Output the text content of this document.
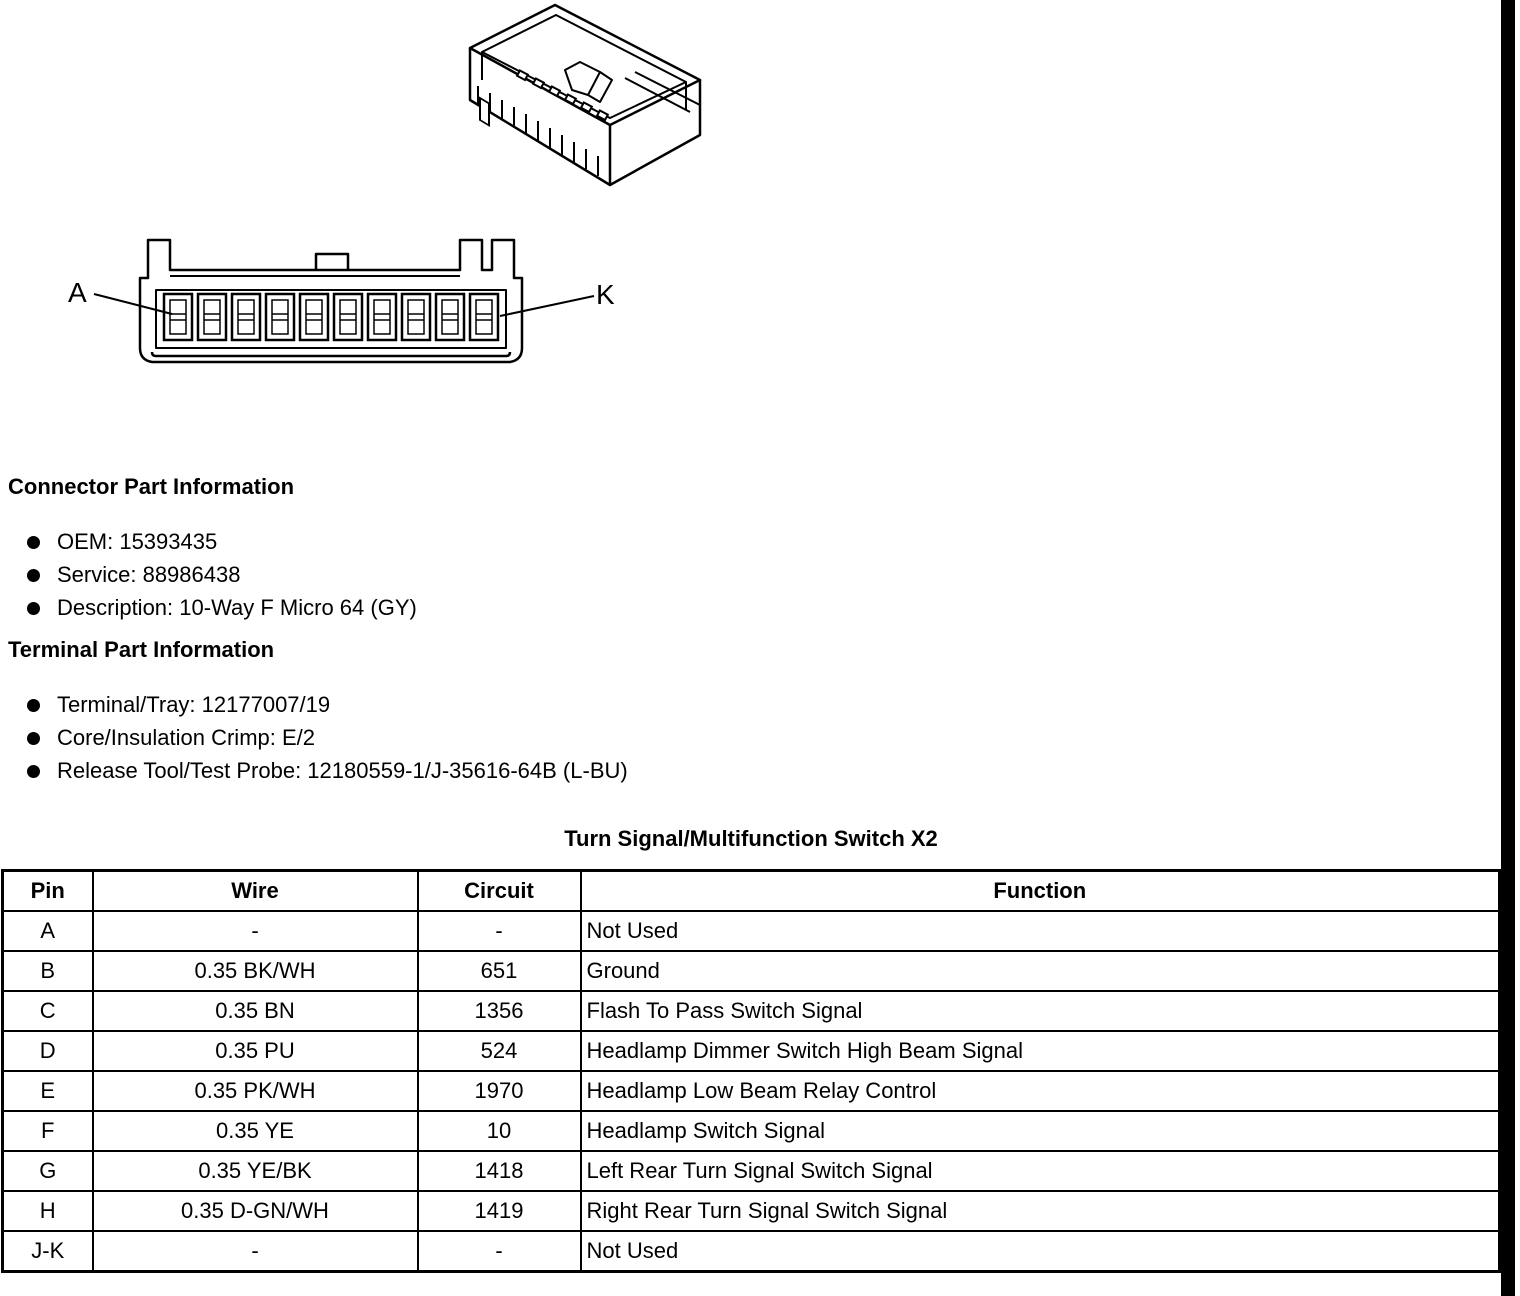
A	K
Connector Part Information
OEM: 15393435
Service: 88986438
Description: 10-Way F Micro 64 (GY)
Terminal Part Information
Terminal/Tray: 12177007/19
Core/Insulation Crimp: E/2
Release Tool/Test Probe: 12180559-1/J-35616-64B (L-BU)
Turn Signal/Multifunction Switch X2
Pin	Wire	Circuit	Function
A	-	-	Not Used
B	0.35 BK/WH	651	Ground
C	0.35 BN	1356	Flash To Pass Switch Signal
D	0.35 PU	524	Headlamp Dimmer Switch High Beam Signal
E	0.35 PK/WH	1970	Headlamp Low Beam Relay Control
F	0.35 YE	10	Headlamp Switch Signal
G	0.35 YE/BK	1418	Left Rear Turn Signal Switch Signal
H	0.35 D-GN/WH	1419	Right Rear Turn Signal Switch Signal
J-K	-	-	Not Used
